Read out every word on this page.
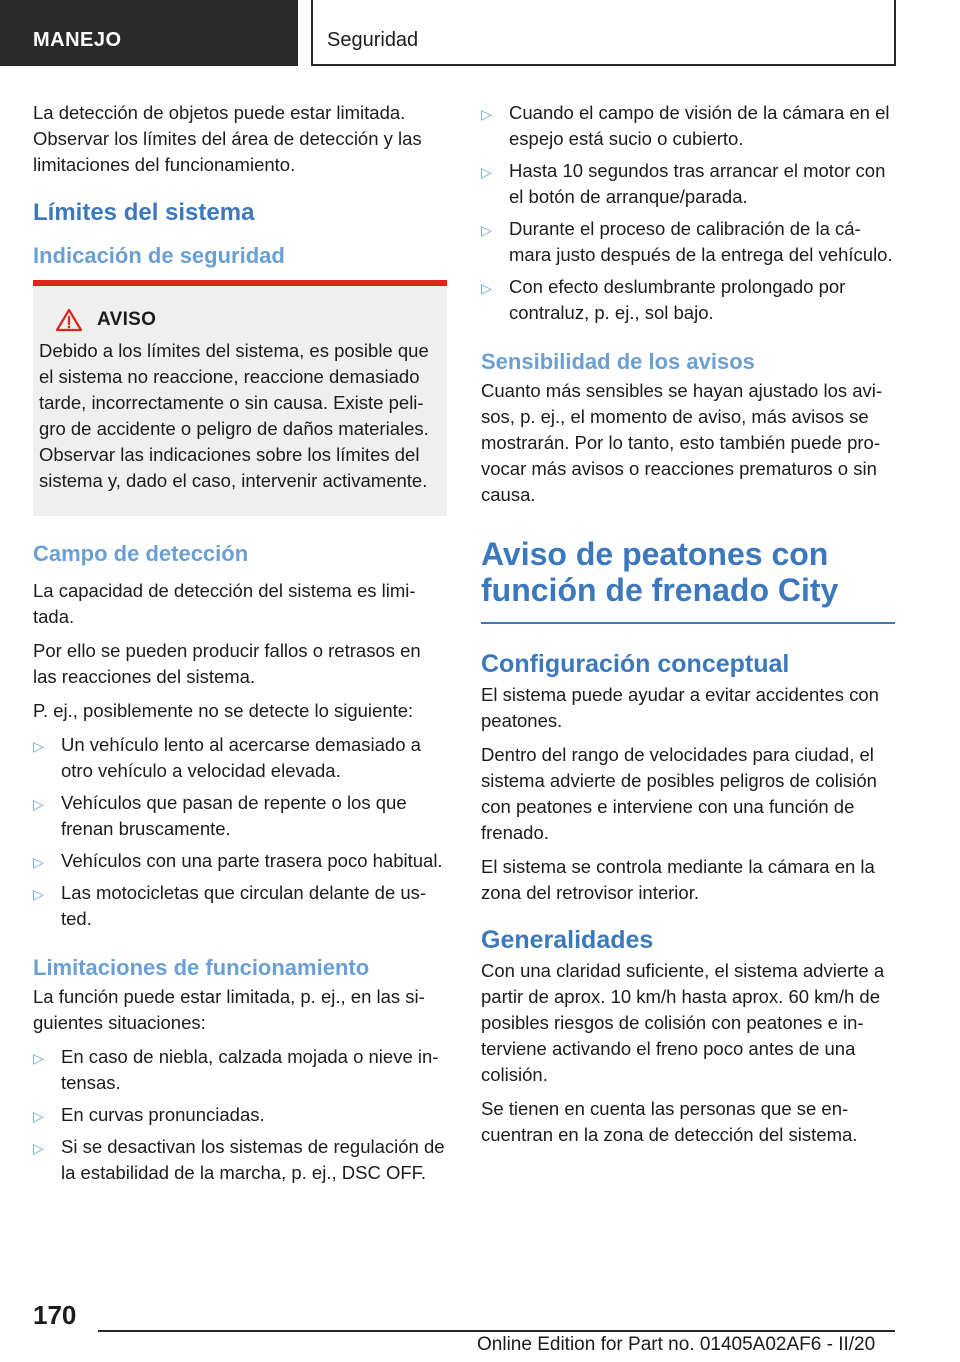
MANEJO	Seguridad

La detección de objetos puede estar limitada. Observar los límites del área de detección y las limitaciones del funcionamiento.

Límites del sistema
Indicación de seguridad
AVISO

Debido a los límites del sistema, es posible que el sistema no reaccione, reaccione demasiado tarde, incorrectamente o sin causa. Existe peligro de accidente o peligro de daños materiales. Observar las indicaciones sobre los límites del sistema y, dado el caso, intervenir activamente.

Campo de detección

La capacidad de detección del sistema es limitada.

Por ello se pueden producir fallos o retrasos en las reacciones del sistema.

P. ej., posiblemente no se detecte lo siguiente:

▷ Un vehículo lento al acercarse demasiado a otro vehículo a velocidad elevada.
▷ Vehículos que pasan de repente o los que frenan bruscamente.
▷ Vehículos con una parte trasera poco habitual.
▷ Las motocicletas que circulan delante de usted.
Limitaciones de funcionamiento

La función puede estar limitada, p. ej., en las siguientes situaciones:

▷ En caso de niebla, calzada mojada o nieve intensas.
▷ En curvas pronunciadas.
▷ Si se desactivan los sistemas de regulación de la estabilidad de la marcha, p. ej., DSC OFF.
▷ Cuando el campo de visión de la cámara en el espejo está sucio o cubierto.
▷ Hasta 10 segundos tras arrancar el motor con el botón de arranque/parada.
▷ Durante el proceso de calibración de la cámara justo después de la entrega del vehículo.
▷ Con efecto deslumbrante prolongado por contraluz, p. ej., sol bajo.
Sensibilidad de los avisos

Cuanto más sensibles se hayan ajustado los avisos, p. ej., el momento de aviso, más avisos se mostrarán. Por lo tanto, esto también puede provocar más avisos o reacciones prematuros o sin causa.

Aviso de peatones con función de frenado City
Configuración conceptual

El sistema puede ayudar a evitar accidentes con peatones.

Dentro del rango de velocidades para ciudad, el sistema advierte de posibles peligros de colisión con peatones e interviene con una función de frenado.

El sistema se controla mediante la cámara en la zona del retrovisor interior.

Generalidades

Con una claridad suficiente, el sistema advierte a partir de aprox. 10 km/h hasta aprox. 60 km/h de posibles riesgos de colisión con peatones e interviene activando el freno poco antes de una colisión.

Se tienen en cuenta las personas que se encuentran en la zona de detección del sistema.

170
Online Edition for Part no. 01405A02AF6 - II/20
